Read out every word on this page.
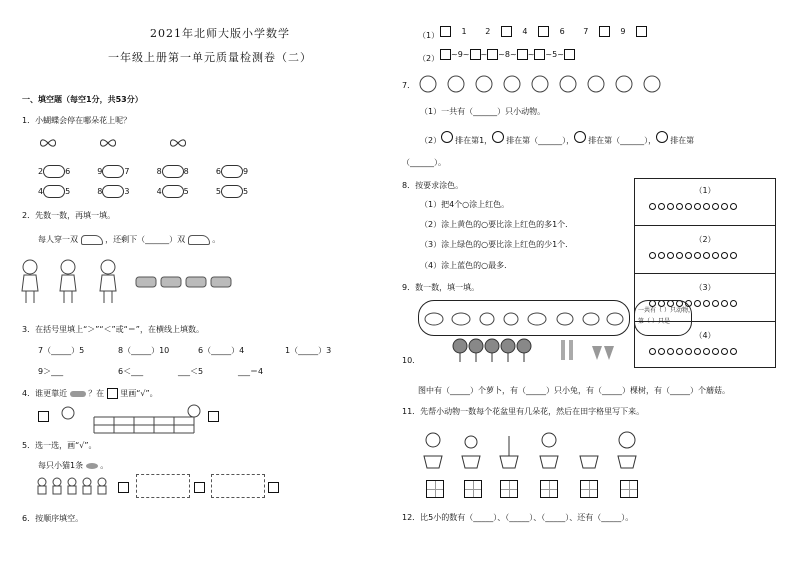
2021年北师大版小学数学
一年级上册第一单元质量检测卷（二）
一、填空题（每空1分，共53分）
1．小蝴蝶会停在哪朵花上呢？
2	6	9	7	8	8	6	9
4	5	8	3	4	5	5	5
2．先数一数，再填一填。
每人穿一双	，还剩下（______）双	。
3．在括号里填上“＞”“＜”或“＝”，在横线上填数。
7（_____）5	8（_____）10	6（_____）4	1（_____）3
9＞___	6＜___	___＜5	___＝4
4．谁更靠近	？在 里画“√”。
5．选一选，画“√”。
每只小猫1条 。
6．按顺序填空。
（1）	1 2	4	6 7	9
（2）	~9~ ~ ~8~ ~ ~5~
7．
（1）一共有（______）只小动物。
（2） 排在第1， 排在第（______）， 排在第（______）， 排在第
（______）。
8．按要求涂色。
（1）把4个○涂上红色。
（2）涂上黄色的○要比涂上红色的多1个．
（3）涂上绿色的○要比涂上红色的少1个．
（4）涂上蓝色的○最多．
（1）
（2）
（3）
（4）
9．数一数，填一填。
一共有（ ）只动物，
第（ ）只是
10．
图中有（_____）个萝卜，有（_____）只小兔，有（_____）棵树，有（_____）个蘑菇。
11．先帮小动物一数每个花盆里有几朵花，然后在田字格里写下来。
12．比5小的数有（_____）、（_____）、（_____）、还有（_____）。
